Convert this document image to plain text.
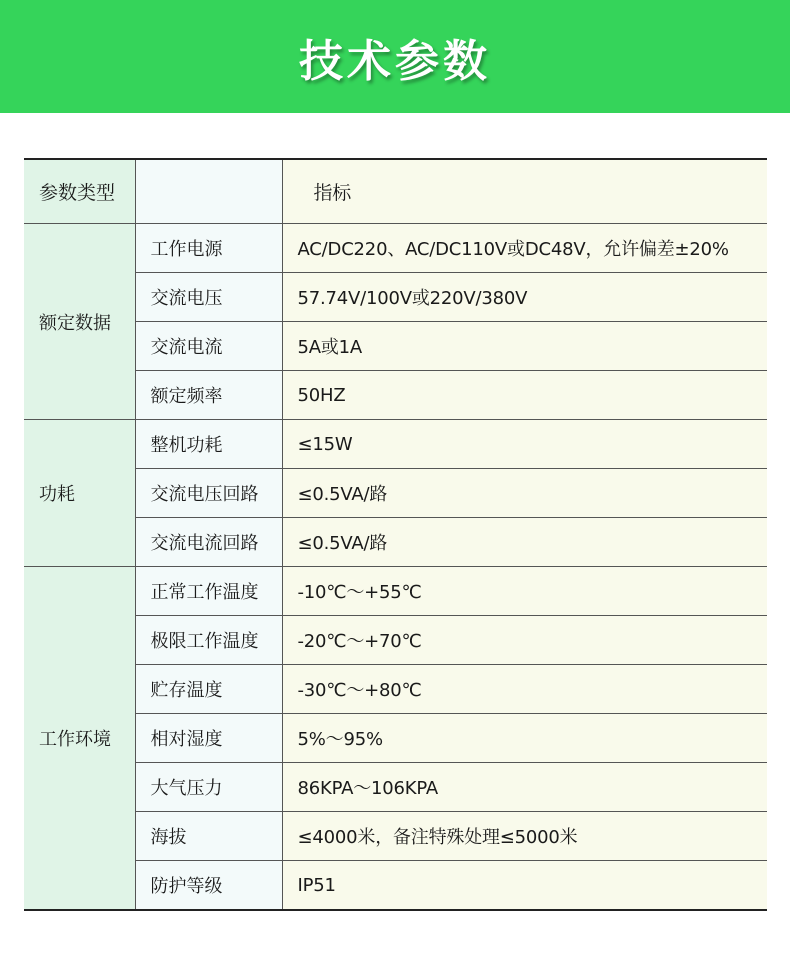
技术参数
参数类型		指标
额定数据	工作电源	AC/DC220、AC/DC110V或DC48V，允许偏差±20%
	交流电压	57.74V/100V或220V/380V
	交流电流	5A或1A
	额定频率	50HZ
功耗	整机功耗	≤15W
	交流电压回路	≤0.5VA/路
	交流电流回路	≤0.5VA/路
工作环境	正常工作温度	-10℃～+55℃
	极限工作温度	-20℃～+70℃
	贮存温度	-30℃～+80℃
	相对湿度	5%～95%
	大气压力	86KPA～106KPA
	海拔	≤4000米，备注特殊处理≤5000米
	防护等级	IP51
